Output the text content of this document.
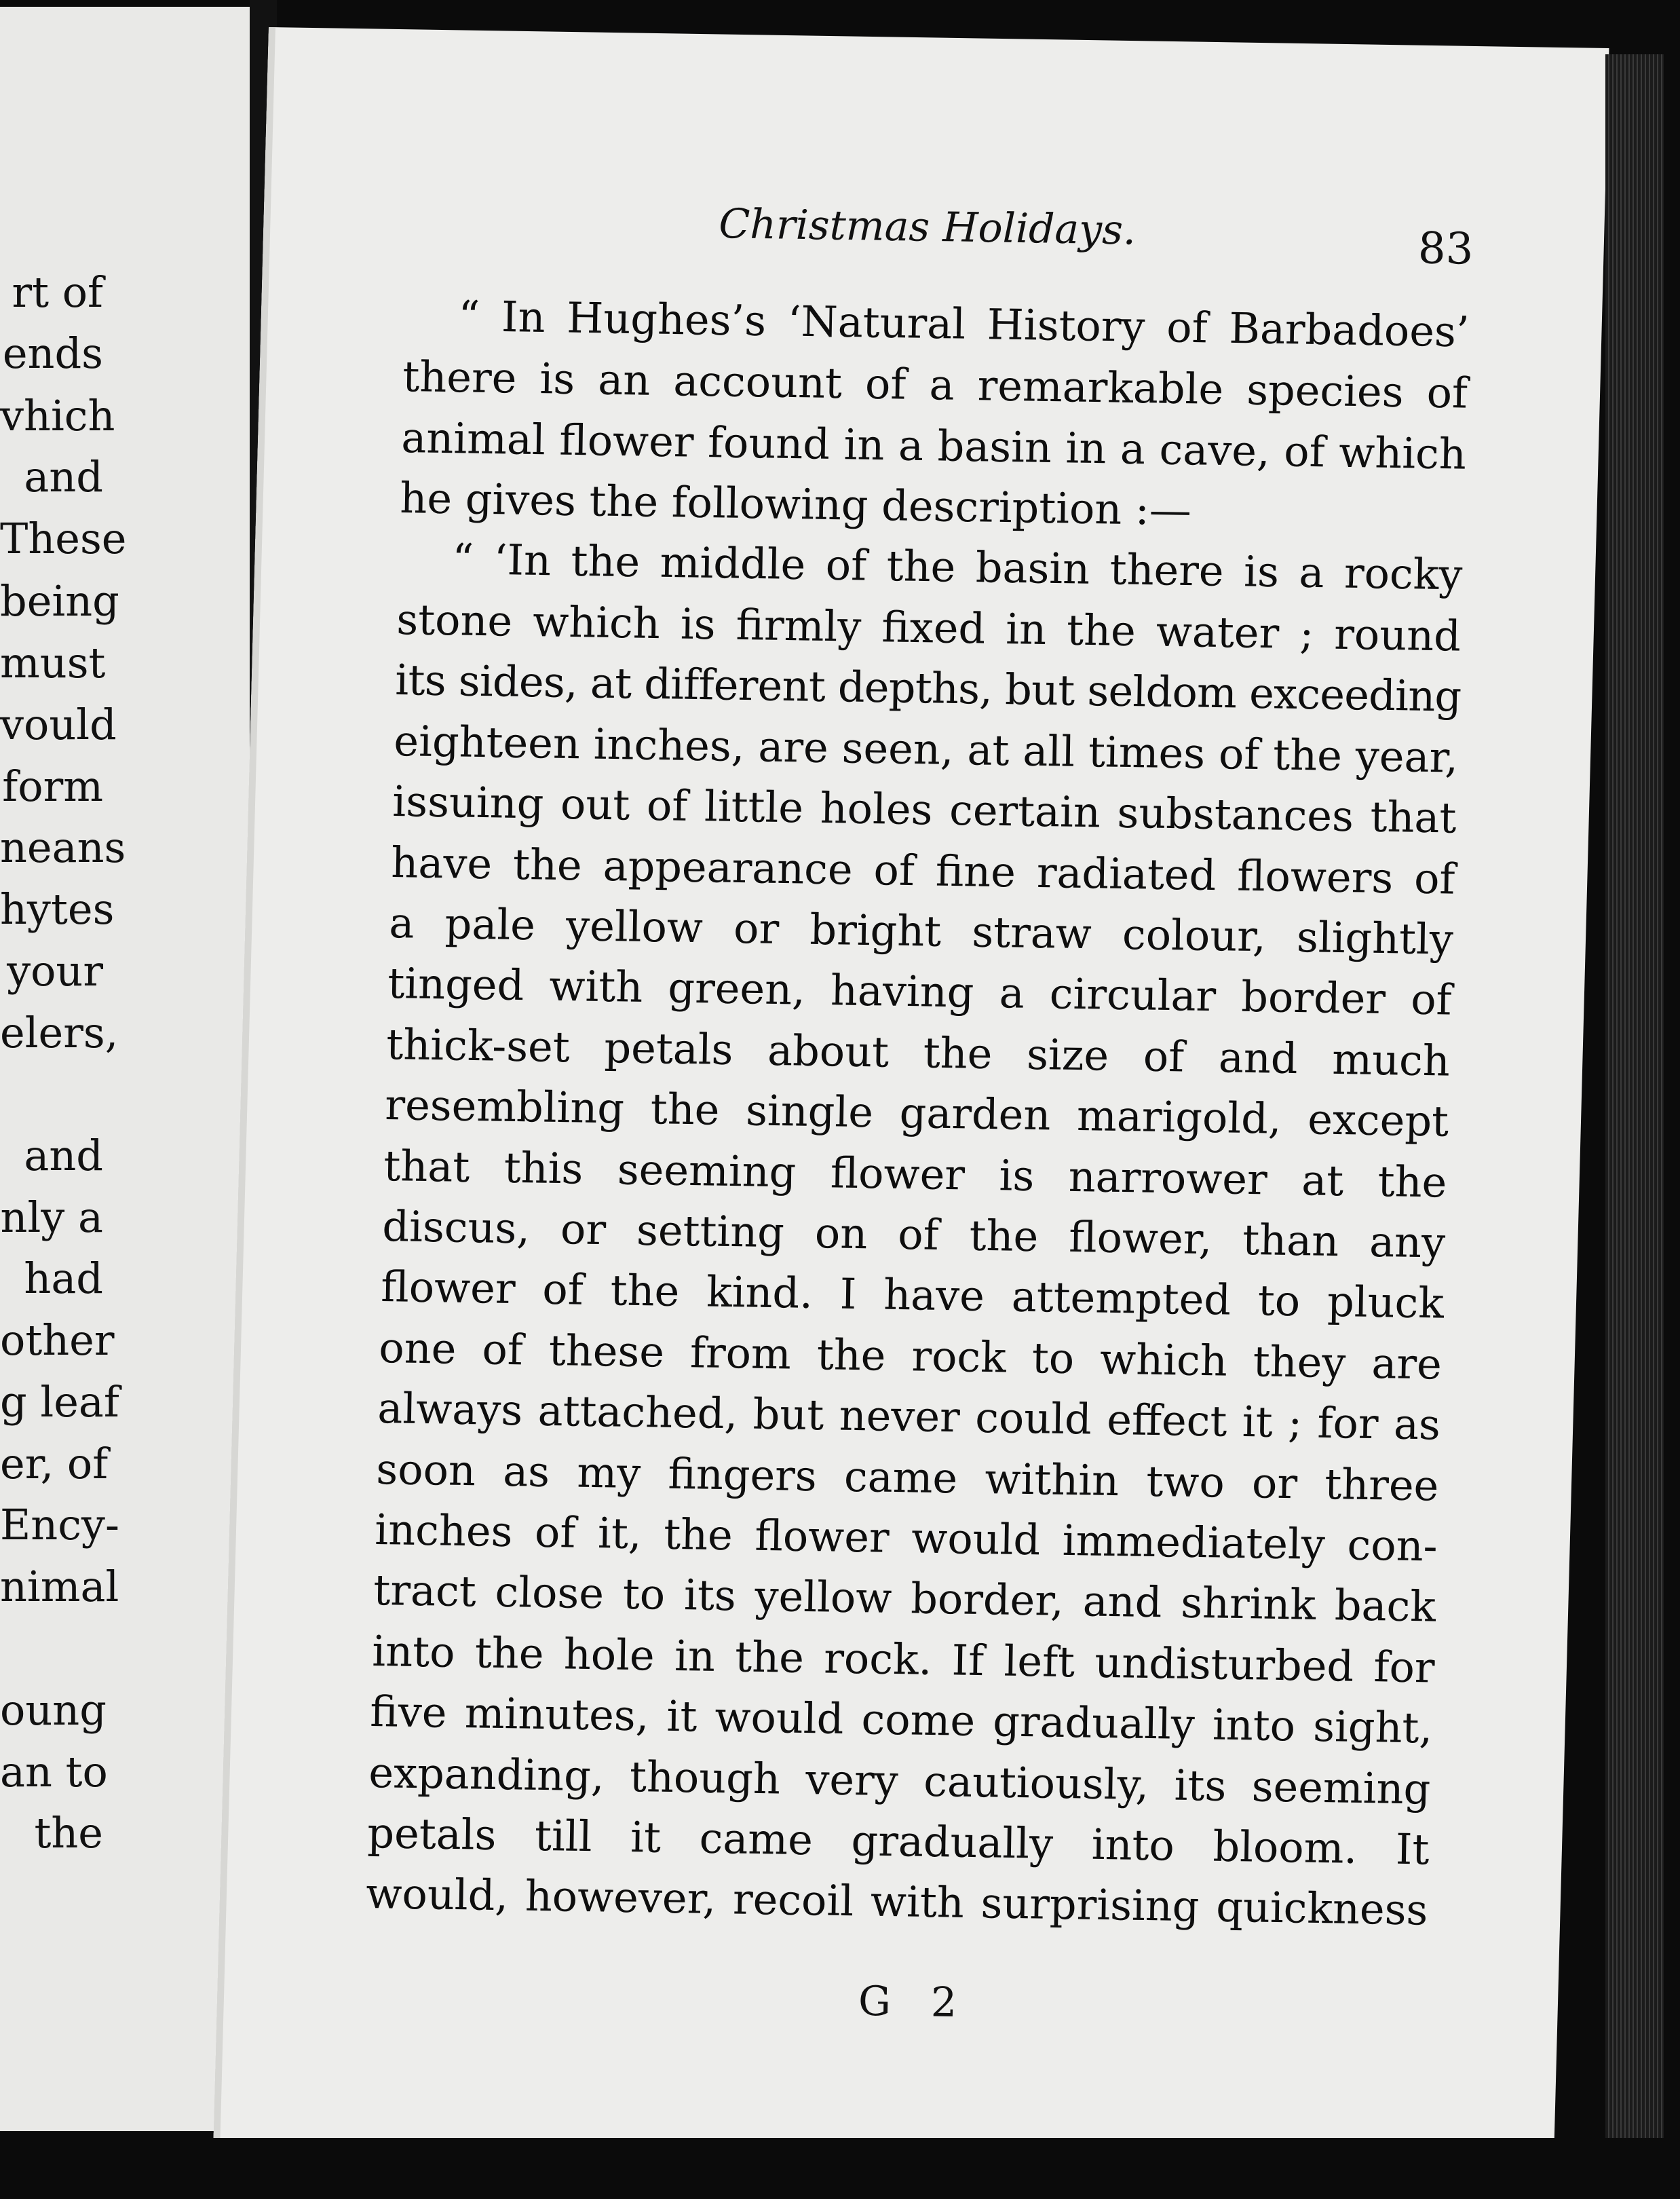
rt of
ends
vhich
and
These
being
must
vould
form
neans
hytes
your
elers,
and
nly a
had
other
g leaf
er, of
Ency-
nimal
oung
an to
the
Christmas Holidays.	83
“ In Hughes’s ‘Natural History of Barbadoes’
there is an account of a remarkable species of
animal flower found in a basin in a cave, of which
he gives the following description :—
“ ‘In the middle of the basin there is a rocky
stone which is firmly fixed in the water ; round
its sides, at different depths, but seldom exceeding
eighteen inches, are seen, at all times of the year,
issuing out of little holes certain substances that
have the appearance of fine radiated flowers of
a pale yellow or bright straw colour, slightly
tinged with green, having a circular border of
thick-set petals about the size of and much
resembling the single garden marigold, except
that this seeming flower is narrower at the
discus, or setting on of the flower, than any
flower of the kind. I have attempted to pluck
one of these from the rock to which they are
always attached, but never could effect it ; for as
soon as my fingers came within two or three
inches of it, the flower would immediately con-
tract close to its yellow border, and shrink back
into the hole in the rock. If left undisturbed for
five minutes, it would come gradually into sight,
expanding, though very cautiously, its seeming
petals till it came gradually into bloom. It
would, however, recoil with surprising quickness
G 2
